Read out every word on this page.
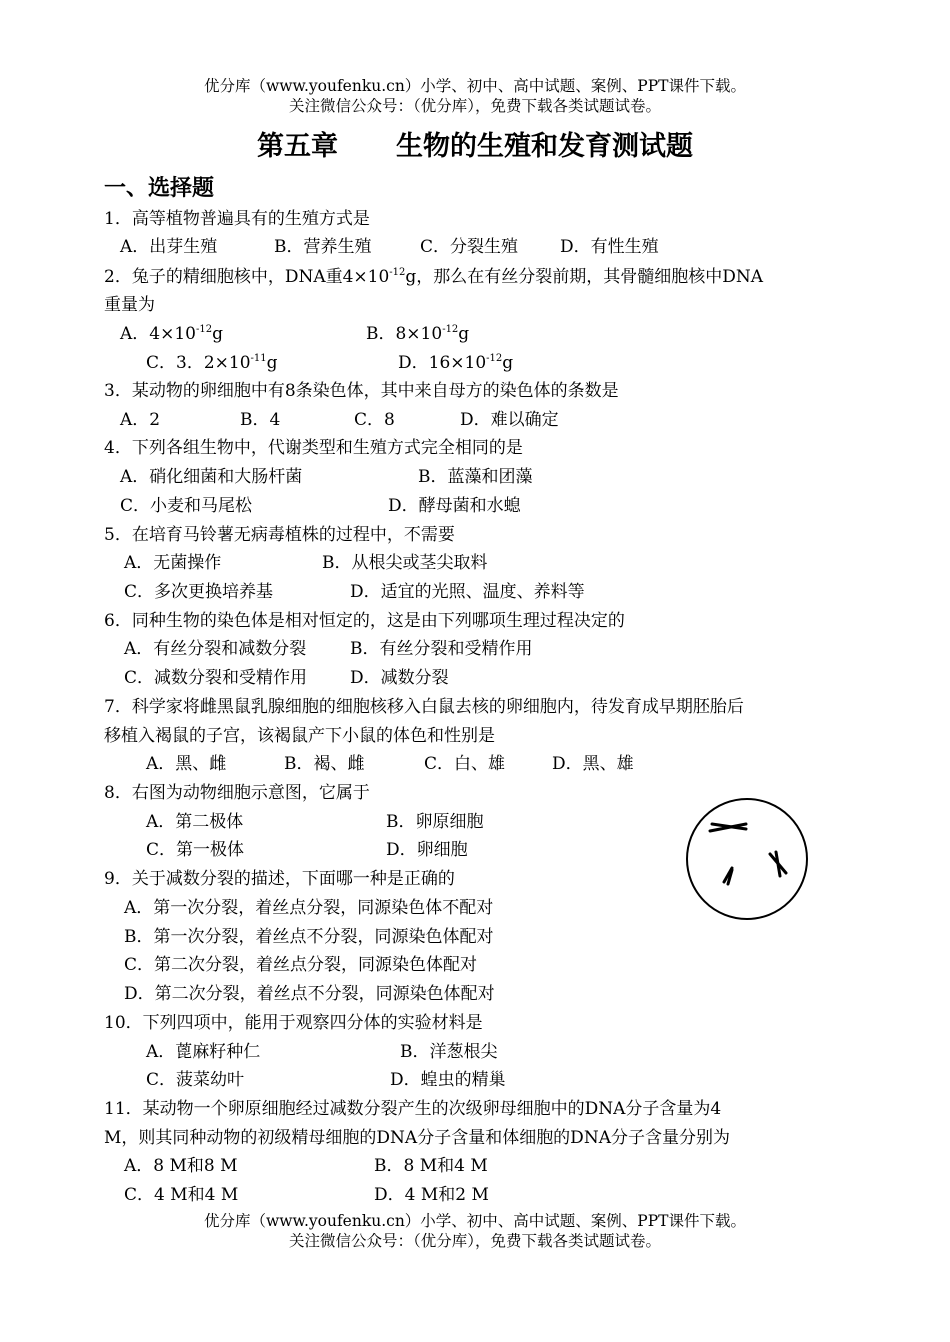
优分库（www.youfenku.cn）小学、初中、高中试题、案例、PPT课件下载。
关注微信公众号：（优分库），免费下载各类试题试卷。
第五章 生物的生殖和发育测试题
一、选择题
1．高等植物普遍具有的生殖方式是
A．出芽生殖	B．营养生殖	C．分裂生殖 D．有性生殖
2．兔子的精细胞核中，DNA重$4\times 10^{-12}g$，那么在有丝分裂前期，其骨髓细胞核中DNA
重量为
A．$4\times 10^{-12}g$	B．$8\times 10^{-12}g$
C．3．$2\times 10^{-11}g$	D．$16\times 10^{-12}g$
3．某动物的卵细胞中有8条染色体，其中来自母方的染色体的条数是
A．2	B．4	C．8	D．难以确定
4．下列各组生物中，代谢类型和生殖方式完全相同的是
A．硝化细菌和大肠杆菌	B．蓝藻和团藻
C．小麦和马尾松	D．酵母菌和水螅
5．在培育马铃薯无病毒植株的过程中，不需要
A．无菌操作	B．从根尖或茎尖取料
C．多次更换培养基	D．适宜的光照、温度、养料等
6．同种生物的染色体是相对恒定的，这是由下列哪项生理过程决定的
A．有丝分裂和减数分裂	B．有丝分裂和受精作用
C．减数分裂和受精作用	D．减数分裂
7．科学家将雌黑鼠乳腺细胞的细胞核移入白鼠去核的卵细胞内，待发育成早期胚胎后
移植入褐鼠的子宫，该褐鼠产下小鼠的体色和性别是
A．黑、雌	B．褐、雌	C．白、雄	D．黑、雄
8．右图为动物细胞示意图，它属于
A．第二极体	B．卵原细胞
C．第一极体	D．卵细胞
9．关于减数分裂的描述，下面哪一种是正确的
A．第一次分裂，着丝点分裂，同源染色体不配对
B．第一次分裂，着丝点不分裂，同源染色体配对
C．第二次分裂，着丝点分裂，同源染色体配对
D．第二次分裂，着丝点不分裂，同源染色体配对
10．下列四项中，能用于观察四分体的实验材料是
A．蓖麻籽种仁	B．洋葱根尖
C．菠菜幼叶	D．蝗虫的精巢
11．某动物一个卵原细胞经过减数分裂产生的次级卵母细胞中的DNA分子含量为4
M，则其同种动物的初级精母细胞的DNA分子含量和体细胞的DNA分子含量分别为
A．8 M和8 M	B．8 M和4 M
C．4 M和4 M	D．4 M和2 M
优分库（www.youfenku.cn）小学、初中、高中试题、案例、PPT课件下载。
关注微信公众号：（优分库），免费下载各类试题试卷。
